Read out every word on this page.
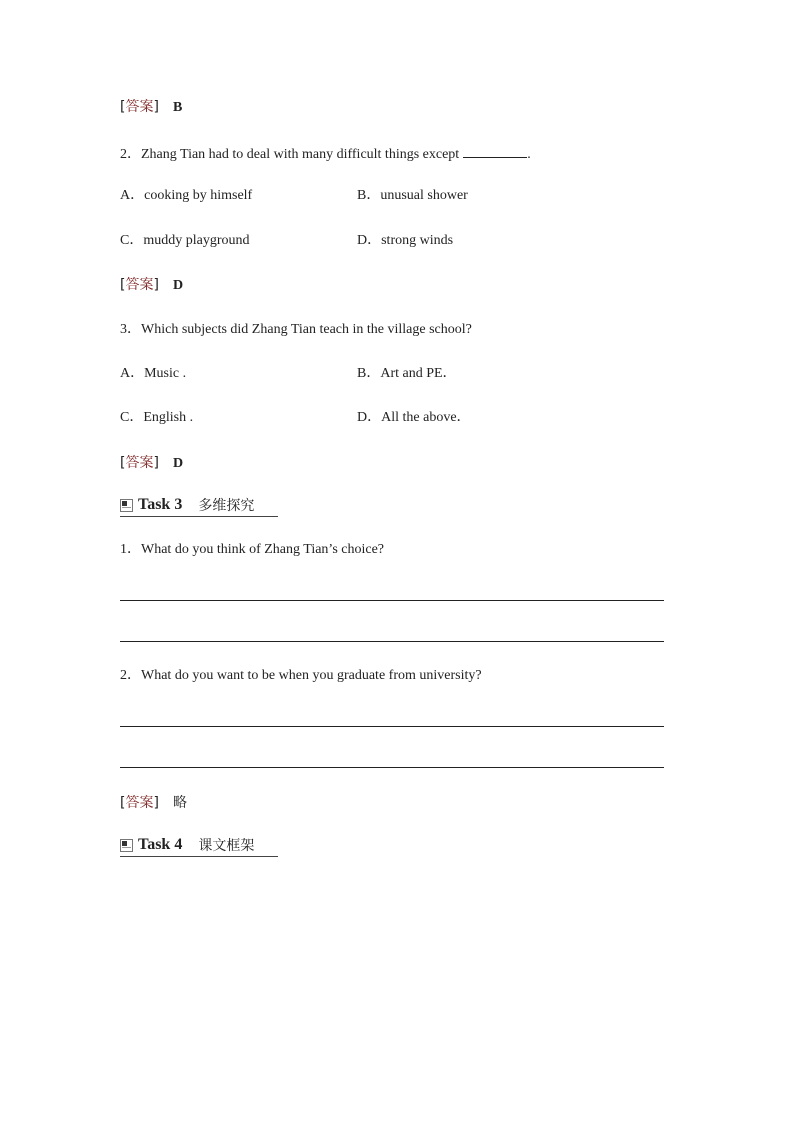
[答案] B
2．Zhang Tian had to deal with many difficult things except	.
A．cooking by himself	B．unusual shower
C．muddy playground	D．strong winds
[答案] D
3．Which subjects did Zhang Tian teach in the village school?
A．Music .	B．Art and PE．
C．English .	D．All the above．
[答案] D
Task 3 多维探究
1．What do you think of Zhang Tian’s choice?
2．What do you want to be when you graduate from university?
[答案] 略
Task 4 课文框架
